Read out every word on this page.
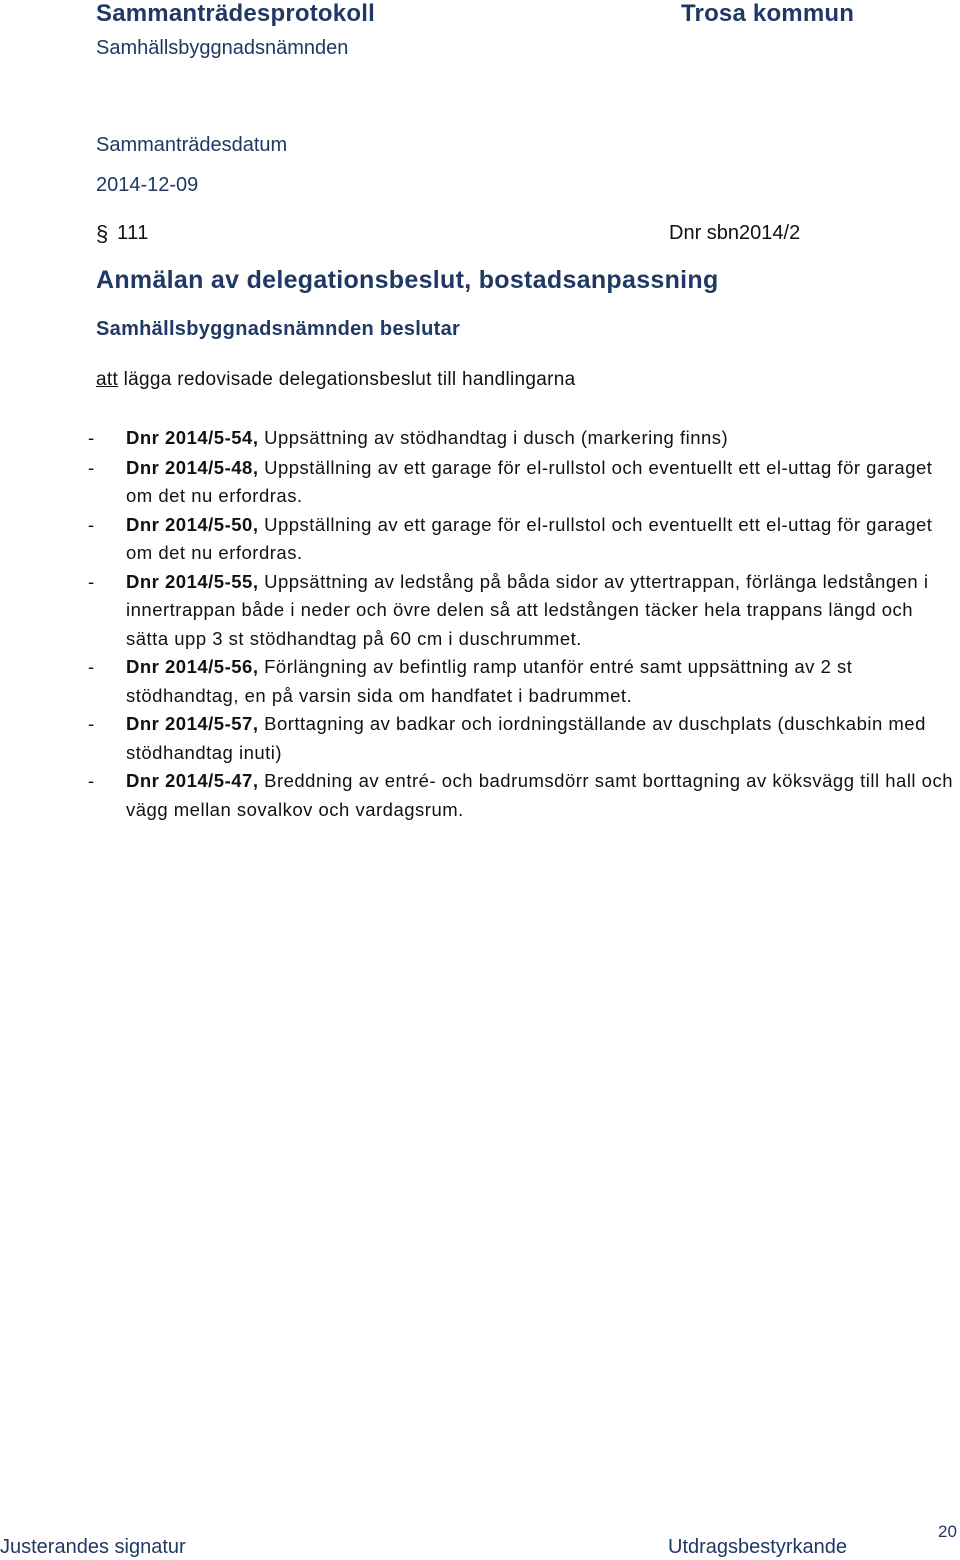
Sammanträdesprotokoll	Trosa kommun
Samhällsbyggnadsnämnden
Sammanträdesdatum
2014-12-09
§ 111	Dnr sbn2014/2
Anmälan av delegationsbeslut, bostadsanpassning
Samhällsbyggnadsnämnden beslutar
att lägga redovisade delegationsbeslut till handlingarna
- Dnr 2014/5-54, Uppsättning av stödhandtag i dusch (markering finns)
- Dnr 2014/5-48, Uppställning av ett garage för el-rullstol och eventuellt ett el-uttag för garaget om det nu erfordras.
- Dnr 2014/5-50, Uppställning av ett garage för el-rullstol och eventuellt ett el-uttag för garaget om det nu erfordras.
- Dnr 2014/5-55, Uppsättning av ledstång på båda sidor av yttertrappan, förlänga ledstången i innertrappan både i neder och övre delen så att ledstången täcker hela trappans längd och sätta upp 3 st stödhandtag på 60 cm i duschrummet.
- Dnr 2014/5-56, Förlängning av befintlig ramp utanför entré samt uppsättning av 2 st stödhandtag, en på varsin sida om handfatet i badrummet.
- Dnr 2014/5-57, Borttagning av badkar och iordningställande av duschplats (duschkabin med stödhandtag inuti)
- Dnr 2014/5-47, Breddning av entré- och badrumsdörr samt borttagning av köksvägg till hall och vägg mellan sovalkov och vardagsrum.
Justerandes signatur	Utdragsbestyrkande
20
